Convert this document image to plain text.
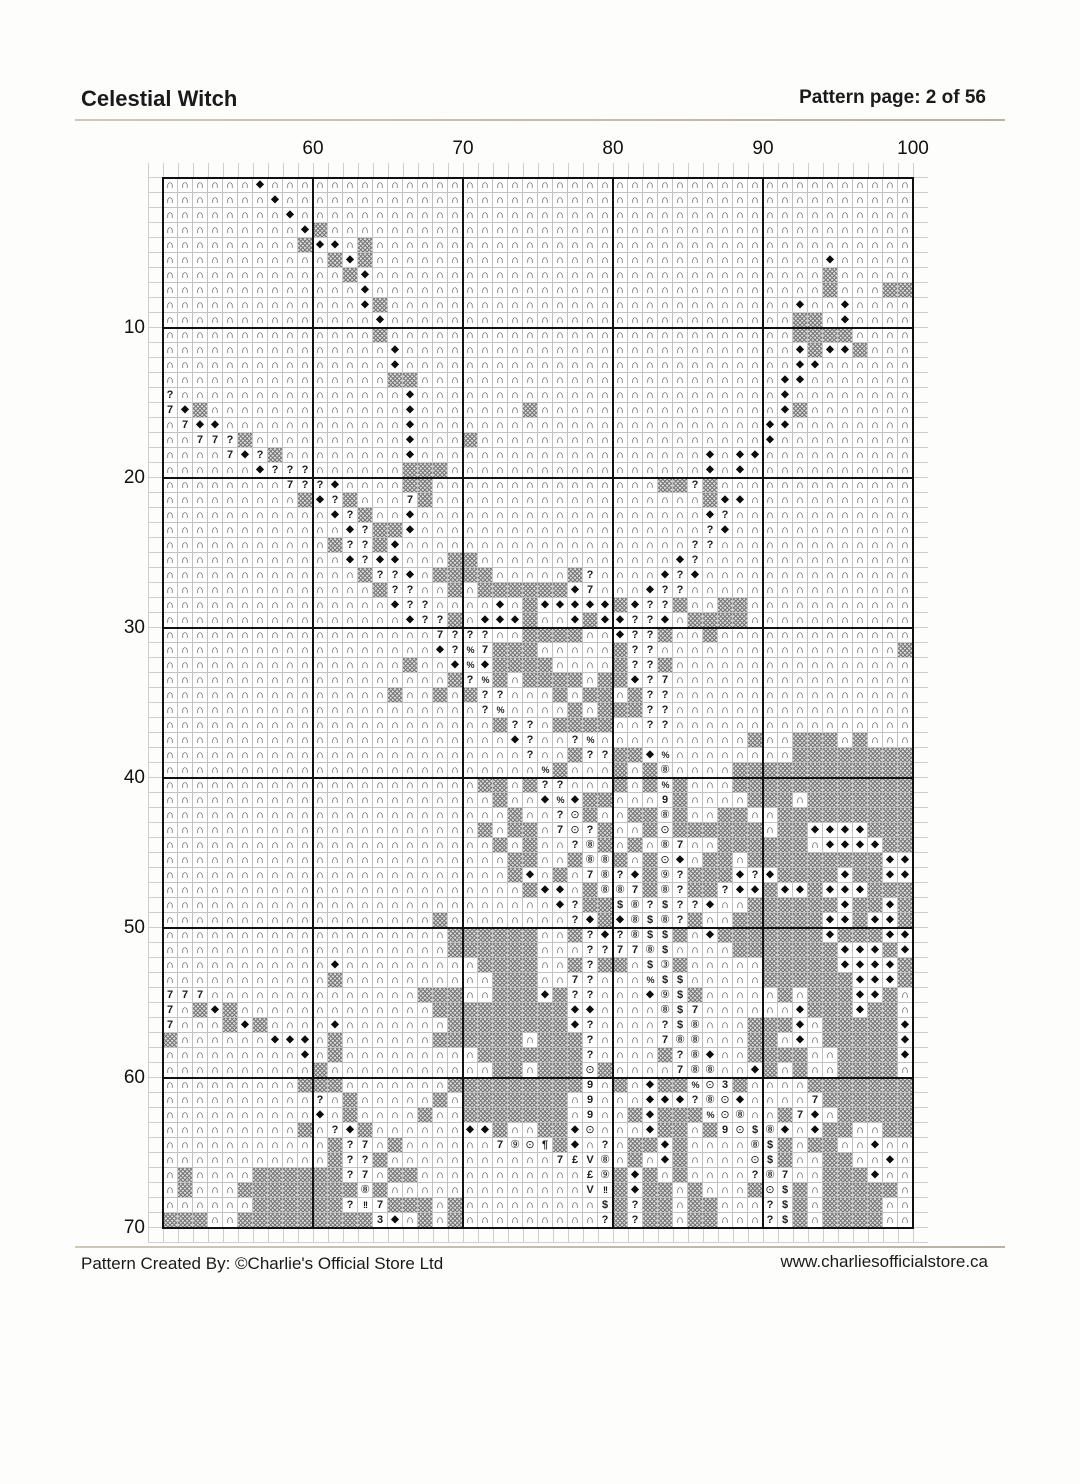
Celestial Witch	Pattern page: 2 of 56
60	70	80	90	100
10
20
30
40
50
60
70
∩ ∩ ∩ ∩ ∩ ∩ ◆ ∩ ∩ ∩ ∩ ∩ ∩ ∩ ∩ ∩ ∩ ∩ ∩ ∩ ∩ ∩ ∩ ∩ ∩ ∩ ∩ ∩ ∩ ∩ ∩ ∩ ∩ ∩ ∩ ∩ ∩ ∩ ∩ ∩ ∩ ∩ ∩ ∩ ∩ ∩ ∩ ∩ ∩ ∩
∩ ∩ ∩ ∩ ∩ ∩ ∩ ◆ ∩ ∩ ∩ ∩ ∩ ∩ ∩ ∩ ∩ ∩ ∩ ∩ ∩ ∩ ∩ ∩ ∩ ∩ ∩ ∩ ∩ ∩ ∩ ∩ ∩ ∩ ∩ ∩ ∩ ∩ ∩ ∩ ∩ ∩ ∩ ∩ ∩ ∩ ∩ ∩ ∩ ∩
∩ ∩ ∩ ∩ ∩ ∩ ∩ ∩ ◆ ∩ ∩ ∩ ∩ ∩ ∩ ∩ ∩ ∩ ∩ ∩ ∩ ∩ ∩ ∩ ∩ ∩ ∩ ∩ ∩ ∩ ∩ ∩ ∩ ∩ ∩ ∩ ∩ ∩ ∩ ∩ ∩ ∩ ∩ ∩ ∩ ∩ ∩ ∩ ∩ ∩
∩ ∩ ∩ ∩ ∩ ∩ ∩ ∩ ∩ ◆	∩ ∩ ∩ ∩ ∩ ∩ ∩ ∩ ∩ ∩ ∩ ∩ ∩ ∩ ∩ ∩ ∩ ∩ ∩ ∩ ∩ ∩ ∩ ∩ ∩ ∩ ∩ ∩ ∩ ∩ ∩ ∩ ∩ ∩ ∩ ∩ ∩ ∩ ∩
∩ ∩ ∩ ∩ ∩ ∩ ∩ ∩ ∩	◆ ◆ ∩	∩ ∩ ∩ ∩ ∩ ∩ ∩ ∩ ∩ ∩ ∩ ∩ ∩ ∩ ∩ ∩ ∩ ∩ ∩ ∩ ∩ ∩ ∩ ∩ ∩ ∩ ∩ ∩ ∩ ∩ ∩ ∩ ∩ ∩ ∩ ∩
∩ ∩ ∩ ∩ ∩ ∩ ∩ ∩ ∩ ∩ ∩	◆	∩ ∩ ∩ ∩ ∩ ∩ ∩ ∩ ∩ ∩ ∩ ∩ ∩ ∩ ∩ ∩ ∩ ∩ ∩ ∩ ∩ ∩ ∩ ∩ ∩ ∩ ∩ ∩ ∩ ∩ ◆ ∩ ∩ ∩ ∩ ∩
∩ ∩ ∩ ∩ ∩ ∩ ∩ ∩ ∩ ∩ ∩ ∩	◆ ∩ ∩ ∩ ∩ ∩ ∩ ∩ ∩ ∩ ∩ ∩ ∩ ∩ ∩ ∩ ∩ ∩ ∩ ∩ ∩ ∩ ∩ ∩ ∩ ∩ ∩ ∩ ∩ ∩ ∩	∩ ∩ ∩ ∩ ∩
∩ ∩ ∩ ∩ ∩ ∩ ∩ ∩ ∩ ∩ ∩ ∩ ∩ ◆ ∩ ∩ ∩ ∩ ∩ ∩ ∩ ∩ ∩ ∩ ∩ ∩ ∩ ∩ ∩ ∩ ∩ ∩ ∩ ∩ ∩ ∩ ∩ ∩ ∩ ∩ ∩ ∩ ∩ ∩	∩ ∩ ∩
∩ ∩ ∩ ∩ ∩ ∩ ∩ ∩ ∩ ∩ ∩ ∩ ∩ ◆	∩ ∩ ∩ ∩ ∩ ∩ ∩ ∩ ∩ ∩ ∩ ∩ ∩ ∩ ∩ ∩ ∩ ∩ ∩ ∩ ∩ ∩ ∩ ∩ ∩ ∩ ∩ ◆ ∩ ∩ ◆ ∩ ∩ ∩ ∩
∩ ∩ ∩ ∩ ∩ ∩ ∩ ∩ ∩ ∩ ∩ ∩ ∩ ∩ ◆ ∩ ∩ ∩ ∩ ∩ ∩ ∩ ∩ ∩ ∩ ∩ ∩ ∩ ∩ ∩ ∩ ∩ ∩ ∩ ∩ ∩ ∩ ∩ ∩ ∩ ∩ ∩	∩ ◆ ∩ ∩ ∩ ∩
∩ ∩ ∩ ∩ ∩ ∩ ∩ ∩ ∩ ∩ ∩ ∩ ∩ ∩	∩ ∩ ∩ ∩ ∩ ∩ ∩ ∩ ∩ ∩ ∩ ∩ ∩ ∩ ∩ ∩ ∩ ∩ ∩ ∩ ∩ ∩ ∩ ∩ ∩ ∩ ∩	∩ ∩ ∩ ∩
∩ ∩ ∩ ∩ ∩ ∩ ∩ ∩ ∩ ∩ ∩ ∩ ∩ ∩ ∩ ◆ ∩ ∩ ∩ ∩ ∩ ∩ ∩ ∩ ∩ ∩ ∩ ∩ ∩ ∩ ∩ ∩ ∩ ∩ ∩ ∩ ∩ ∩ ∩ ∩ ∩ ∩ ◆	◆ ◆	∩ ∩ ∩
∩ ∩ ∩ ∩ ∩ ∩ ∩ ∩ ∩ ∩ ∩ ∩ ∩ ∩ ∩ ◆ ∩ ∩ ∩ ∩ ∩ ∩ ∩ ∩ ∩ ∩ ∩ ∩ ∩ ∩ ∩ ∩ ∩ ∩ ∩ ∩ ∩ ∩ ∩ ∩ ∩ ∩ ◆ ◆ ∩ ∩ ∩ ∩ ∩ ∩
∩ ∩ ∩ ∩ ∩ ∩ ∩ ∩ ∩ ∩ ∩ ∩ ∩ ∩ ∩	∩ ∩ ∩ ∩ ∩ ∩ ∩ ∩ ∩ ∩ ∩ ∩ ∩ ∩ ∩ ∩ ∩ ∩ ∩ ∩ ∩ ∩ ∩ ∩ ◆ ◆ ∩ ∩ ∩ ∩ ∩ ∩ ∩
? ∩ ∩ ∩ ∩ ∩ ∩ ∩ ∩ ∩ ∩ ∩ ∩ ∩ ∩ ∩ ◆ ∩ ∩ ∩ ∩ ∩ ∩ ∩ ∩ ∩ ∩ ∩ ∩ ∩ ∩ ∩ ∩ ∩ ∩ ∩ ∩ ∩ ∩ ∩ ∩ ◆ ∩ ∩ ∩ ∩ ∩ ∩ ∩ ∩
7 ◆	∩ ∩ ∩ ∩ ∩ ∩ ∩ ∩ ∩ ∩ ∩ ∩ ∩ ◆ ∩ ∩ ∩ ∩ ∩ ∩ ∩	∩ ∩ ∩ ∩ ∩ ∩ ∩ ∩ ∩ ∩ ∩ ∩ ∩ ∩ ∩ ∩ ◆	∩ ∩ ∩ ∩ ∩ ∩ ∩
∩ 7 ◆ ◆ ∩ ∩ ∩ ∩ ∩ ∩ ∩ ∩ ∩ ∩ ∩ ∩ ◆ ∩ ∩ ∩ ∩ ∩ ∩ ∩ ∩ ∩ ∩ ∩ ∩ ∩ ∩ ∩ ∩ ∩ ∩ ∩ ∩ ∩ ∩ ∩ ◆ ◆ ∩ ∩ ∩ ∩ ∩ ∩ ∩ ∩
∩ ∩ 7 7 ?	∩ ∩ ∩ ∩ ∩ ∩ ∩ ∩ ∩ ∩ ◆ ∩ ∩ ∩	∩ ∩ ∩ ∩ ∩ ∩ ∩ ∩ ∩ ∩ ∩ ∩ ∩ ∩ ∩ ∩ ∩ ∩ ∩ ◆ ∩ ∩ ∩ ∩ ∩ ∩ ∩ ∩ ∩
∩ ∩ ∩ ∩ 7 ◆ ?	∩ ∩ ∩ ∩ ∩ ∩ ∩ ∩ ◆ ∩ ∩ ∩ ∩ ∩ ∩ ∩ ∩ ∩ ∩ ∩ ∩ ∩ ∩ ∩ ∩ ∩ ∩ ∩ ◆ ∩ ◆ ◆ ∩ ∩ ∩ ∩ ∩ ∩ ∩ ∩ ∩ ∩
∩ ∩ ∩ ∩ ∩ ∩ ◆ ? ? ? ∩ ∩ ∩ ∩ ∩ ∩	∩ ∩ ∩ ∩ ∩ ∩ ∩ ∩ ∩ ∩ ∩ ∩ ∩ ∩ ∩ ∩ ∩ ◆ ∩ ◆ ∩ ∩ ∩ ∩ ∩ ∩ ∩ ∩ ∩ ∩ ∩
∩ ∩ ∩ ∩ ∩ ∩ ∩ ∩ 7 ? ? ◆ ∩ ∩ ∩ ∩	∩ ∩ ∩ ∩ ∩ ∩ ∩ ∩ ∩ ∩ ∩ ∩ ∩ ∩ ∩	?	∩ ∩ ∩ ∩ ∩ ∩ ∩ ∩ ∩ ∩ ∩ ∩ ∩
∩ ∩ ∩ ∩ ∩ ∩ ∩ ∩ ∩	◆ ?	∩ ∩ ∩ 7	∩ ∩ ∩ ∩ ∩ ∩ ∩ ∩ ∩ ∩ ∩ ∩ ∩ ∩ ∩ ∩ ∩ ∩	◆ ◆ ∩ ∩ ∩ ∩ ∩ ∩ ∩ ∩ ∩ ∩ ∩
∩ ∩ ∩ ∩ ∩ ∩ ∩ ∩ ∩ ∩ ∩ ◆ ?	∩ ∩ ◆ ∩ ∩ ∩ ∩ ∩ ∩ ∩ ∩ ∩ ∩ ∩ ∩ ∩ ∩ ∩ ∩ ∩ ∩ ∩ ◆ ? ∩ ∩ ∩ ∩ ∩ ∩ ∩ ∩ ∩ ∩ ∩ ∩
∩ ∩ ∩ ∩ ∩ ∩ ∩ ∩ ∩ ∩ ∩ ∩ ◆ ?	◆ ∩ ∩ ∩ ∩ ∩ ∩ ∩ ∩ ∩ ∩ ∩ ∩ ∩ ∩ ∩ ∩ ∩ ∩ ∩ ? ◆ ∩ ∩ ∩ ∩ ∩ ∩ ∩ ∩ ∩ ∩ ∩ ∩
∩ ∩ ∩ ∩ ∩ ∩ ∩ ∩ ∩ ∩ ∩	? ?	◆ ∩ ∩ ∩ ∩ ∩ ∩ ∩ ∩ ∩ ∩ ∩ ∩ ∩ ∩ ∩ ∩ ∩ ∩ ∩ ? ? ∩ ∩ ∩ ∩ ∩ ∩ ∩ ∩ ∩ ∩ ∩ ∩ ∩
∩ ∩ ∩ ∩ ∩ ∩ ∩ ∩ ∩ ∩ ∩ ∩ ◆ ? ◆ ◆ ∩ ∩ ∩	∩ ∩ ∩ ∩ ∩ ∩ ∩ ∩ ∩ ∩ ∩ ∩ ∩ ◆ ? ∩ ∩ ∩ ∩ ∩ ∩ ∩ ∩ ∩ ∩ ∩ ∩ ∩ ∩
∩ ∩ ∩ ∩ ∩ ∩ ∩ ∩ ∩ ∩ ∩ ∩ ∩	? ? ◆ ∩	∩ ∩ ∩ ∩ ∩	? ∩ ∩ ∩ ∩ ◆ ? ◆ ∩ ∩ ∩ ∩ ∩ ∩ ∩ ∩ ∩ ∩ ∩ ∩ ∩ ∩
∩ ∩ ∩ ∩ ∩ ∩ ∩ ∩ ∩ ∩ ∩ ∩ ∩ ∩	? ? ∩ ∩	∩	◆ 7 ∩ ∩ ∩ ◆ ? ? ∩ ∩ ∩ ∩ ∩ ∩ ∩ ∩ ∩ ∩ ∩ ∩ ∩ ∩ ∩
∩ ∩ ∩ ∩ ∩ ∩ ∩ ∩ ∩ ∩ ∩ ∩ ∩ ∩ ∩ ◆ ? ? ∩ ∩ ∩ ∩ ◆ ∩	◆ ◆ ◆ ◆ ◆	◆ ? ?	∩ ∩	∩ ∩ ∩ ∩ ∩ ∩ ∩ ∩ ∩ ∩ ∩
∩ ∩ ∩ ∩ ∩ ∩ ∩ ∩ ∩ ∩ ∩ ∩ ∩ ∩ ∩ ∩ ◆ ? ?	∩ ◆ ◆ ◆	∩ ∩ ◆	◆ ◆ ? ? ◆ ∩	∩ ∩ ∩ ∩ ∩ ∩ ∩ ∩ ∩ ∩ ∩
∩ ∩ ∩ ∩ ∩ ∩ ∩ ∩ ∩ ∩ ∩ ∩ ∩ ∩ ∩ ∩ ∩ ∩ 7 ? ? ? ∩ ∩	∩ ∩ ◆ ? ?	∩ ∩	∩ ∩ ∩ ∩ ∩ ∩ ∩ ∩ ∩ ∩ ∩ ∩ ∩
∩ ∩ ∩ ∩ ∩ ∩ ∩ ∩ ∩ ∩ ∩ ∩ ∩ ∩ ∩ ∩ ∩ ∩ ◆ ? % 7	∩ ∩ ∩ ∩ ∩	? ? ∩ ∩ ∩ ∩ ∩ ∩ ∩ ∩ ∩ ∩ ∩ ∩ ∩ ∩ ∩ ∩
∩ ∩ ∩ ∩ ∩ ∩ ∩ ∩ ∩ ∩ ∩ ∩ ∩ ∩ ∩ ∩	∩ ∩ ◆ % ◆	∩ ∩ ∩ ∩	? ?	∩ ∩ ∩ ∩ ∩ ∩ ∩ ∩ ∩ ∩ ∩ ∩ ∩ ∩ ∩ ∩
∩ ∩ ∩ ∩ ∩ ∩ ∩ ∩ ∩ ∩ ∩ ∩ ∩ ∩ ∩ ∩ ∩ ∩ ∩	? %	∩	∩	◆ ? 7 ∩ ∩ ∩ ∩ ∩ ∩ ∩ ∩ ∩ ∩ ∩ ∩ ∩ ∩ ∩ ∩
∩ ∩ ∩ ∩ ∩ ∩ ∩ ∩ ∩ ∩ ∩ ∩ ∩ ∩ ∩	∩ ∩	∩	? ? ∩ ∩ ∩	∩	∩	? ? ∩ ∩ ∩ ∩ ∩ ∩ ∩ ∩ ∩ ∩ ∩ ∩ ∩ ∩ ∩ ∩
∩ ∩ ∩ ∩ ∩ ∩ ∩ ∩ ∩ ∩ ∩ ∩ ∩ ∩ ∩ ∩ ∩ ∩ ∩ ∩ ∩ ? % ∩ ∩ ∩ ∩	∩	? ? ∩ ∩ ∩ ∩ ∩ ∩ ∩ ∩ ∩ ∩ ∩ ∩ ∩ ∩ ∩ ∩
∩ ∩ ∩ ∩ ∩ ∩ ∩ ∩ ∩ ∩ ∩ ∩ ∩ ∩ ∩ ∩ ∩ ∩ ∩ ∩ ∩ ∩	? ? ∩	∩ ∩ ? ? ∩ ∩ ∩ ∩ ∩ ∩ ∩ ∩ ∩ ∩ ∩ ∩ ∩ ∩ ∩ ∩
∩ ∩ ∩ ∩ ∩ ∩ ∩ ∩ ∩ ∩ ∩ ∩ ∩ ∩ ∩ ∩ ∩ ∩ ∩ ∩ ∩ ∩ ∩ ◆ ? ∩ ∩ ? % ∩ ∩ ∩ ∩ ∩ ∩ ∩ ∩ ∩ ∩	∩ ∩	∩	∩ ∩ ∩
∩ ∩ ∩ ∩ ∩ ∩ ∩ ∩ ∩ ∩ ∩ ∩ ∩ ∩ ∩ ∩ ∩ ∩ ∩ ∩ ∩ ∩ ∩ ∩ ? ∩ ∩	? ?	◆ % ∩ ∩ ∩ ∩ ∩ ∩ ∩ ∩
∩ ∩ ∩ ∩ ∩ ∩ ∩ ∩ ∩ ∩ ∩ ∩ ∩ ∩ ∩ ∩ ∩ ∩ ∩ ∩ ∩ ∩ ∩ ∩ ∩ %	∩ ∩ ∩	∩	⑧ ∩ ∩ ∩ ∩
∩ ∩ ∩ ∩ ∩ ∩ ∩ ∩ ∩ ∩ ∩ ∩ ∩ ∩ ∩ ∩ ∩ ∩ ∩ ∩ ∩	∩	? ? ∩ ∩ ∩	∩	%	∩ ∩ ∩
∩ ∩ ∩ ∩ ∩ ∩ ∩ ∩ ∩ ∩ ∩ ∩ ∩ ∩ ∩ ∩ ∩ ∩ ∩ ∩ ∩ ∩	∩ ∩ ◆ % ◆	∩ ∩ ∩ 9	∩ ∩ ∩ ∩	∩
∩ ∩ ∩ ∩ ∩ ∩ ∩ ∩ ∩ ∩ ∩ ∩ ∩ ∩ ∩ ∩ ∩ ∩ ∩ ∩ ∩ ∩ ∩	∩ ∩ ? ⊙	∩ ∩	⑧ ∩ ∩	∩ ∩
∩ ∩ ∩ ∩ ∩ ∩ ∩ ∩ ∩ ∩ ∩ ∩ ∩ ∩ ∩ ∩ ∩ ∩ ∩ ∩ ∩	∩	∩ 7 ⊙ ?	∩ ∩	⊙	∩	◆ ◆ ◆ ◆
∩ ∩ ∩ ∩ ∩ ∩ ∩ ∩ ∩ ∩ ∩ ∩ ∩ ∩ ∩ ∩ ∩ ∩ ∩ ∩ ∩ ∩	∩	∩ ∩ ? ⑧ ∩	∩ ⑧ 7 ∩ ∩	∩ ◆ ◆ ◆ ◆
∩ ∩ ∩ ∩ ∩ ∩ ∩ ∩ ∩ ∩ ∩ ∩ ∩ ∩ ∩ ∩ ∩ ∩ ∩ ∩ ∩ ∩ ∩	∩ ∩	⑧ ⑧ ∩	⊙ ◆ ∩	∩	◆ ◆
∩ ∩ ∩ ∩ ∩ ∩ ∩ ∩ ∩ ∩ ∩ ∩ ∩ ∩ ∩ ∩ ∩ ∩ ∩ ∩ ∩ ∩ ∩	◆ ∩	∩ 7 ⑧ ? ◆	⑨ ?	◆ ? ◆	◆	◆ ◆
∩ ∩ ∩ ∩ ∩ ∩ ∩ ∩ ∩ ∩ ∩ ∩ ∩ ∩ ∩ ∩ ∩ ∩ ∩ ∩ ∩ ∩ ∩ ∩	◆ ◆ ∩	⑧ ⑧ 7	⑧ ?	? ◆ ◆	◆ ◆	◆ ◆ ◆
∩ ∩ ∩ ∩ ∩ ∩ ∩ ∩ ∩ ∩ ∩ ∩ ∩ ∩ ∩ ∩ ∩ ∩ ∩ ∩ ∩ ∩ ∩ ∩ ∩ ∩ ◆ ?	$ ⑧ ? $ ? ? ◆ ∩ ∩	◆	◆
∩ ∩ ∩ ∩ ∩ ∩ ∩ ∩ ∩ ∩ ∩ ∩ ∩ ∩ ∩ ∩ ∩ ∩	∩ ∩ ∩ ∩ ∩ ∩ ∩ ∩ ? ◆	◆ ⑧ $ ⑧ ?	∩ ∩	◆ ◆	◆ ◆
∩ ∩ ∩ ∩ ∩ ∩ ∩ ∩ ∩ ∩ ∩ ∩ ∩ ∩ ∩ ∩ ∩ ∩ ∩	∩ ∩	? ◆ ? ⑧ $ $	∩ ◆	◆	◆ ◆
∩ ∩ ∩ ∩ ∩ ∩ ∩ ∩ ∩ ∩ ∩ ∩ ∩ ∩ ∩ ∩ ∩ ∩ ∩	∩ ∩ ∩ ? ? 7 7 ⑧ $ ∩ ∩ ∩ ∩	◆ ◆ ◆	◆
∩ ∩ ∩ ∩ ∩ ∩ ∩ ∩ ∩ ∩ ∩ ◆ ∩ ∩ ∩ ∩ ∩ ∩ ∩ ∩ ∩	∩ ∩	?	∩ $ ③ ∩ ∩ ∩ ∩ ∩	◆ ◆ ◆ ◆
∩ ∩ ∩ ∩ ∩ ∩ ∩ ∩ ∩ ∩ ∩	∩ ∩ ∩ ∩ ∩ ∩ ∩ ∩ ∩ ∩	∩ ∩ 7 ? ∩ ∩ ∩ % $ $ ∩ ∩ ∩ ∩ ∩	◆ ◆ ◆
7 7 7 ∩ ∩ ∩ ∩ ∩ ∩ ∩ ∩ ∩ ∩ ∩ ∩ ∩ ∩	∩ ∩	◆	? ? ∩ ∩ ∩ ◆ ⑨ $	∩ ∩ ∩ ∩ ∩	∩	◆ ◆	∩
7 ∩	◆	∩ ∩ ∩ ∩ ∩ ∩ ∩ ∩ ∩ ∩ ∩ ∩ ∩	◆ ◆ ∩ ∩ ∩ ∩ ⑧ $ 7 ∩ ∩ ∩ ∩ ∩ ∩ ◆	◆	∩
7 ∩ ∩ ∩	◆	∩ ∩ ∩ ∩ ◆ ∩ ∩ ∩ ∩ ∩ ∩ ∩	◆ ? ∩ ∩ ∩ ∩ ? $ ⑧ ∩ ∩ ∩	◆ ∩	◆
∩ ∩ ∩ ∩ ∩ ∩ ◆ ◆ ◆ ∩	∩ ∩ ∩ ∩ ∩ ∩	∩	? ∩ ∩ ∩ ∩ 7 ⑧ ⑧ ∩ ∩ ∩	∩ ◆ ∩	◆
∩ ∩ ∩ ∩ ∩ ∩ ∩ ∩ ∩ ◆ ∩	∩ ∩ ∩ ∩ ∩ ∩ ∩ ∩ ∩	? ∩ ∩ ∩ ∩	? ⑧ ◆ ∩ ∩	∩ ∩	◆
∩ ∩ ∩ ∩ ∩ ∩ ∩ ∩ ∩ ∩	∩ ∩ ∩ ∩ ∩ ∩ ∩ ∩ ∩ ∩ ∩	∩	⊙	∩ ∩ ∩ ∩ 7 ⑧ ⑧ ∩ ∩ ◆	∩	∩ ∩	∩
∩ ∩ ∩ ∩ ∩ ∩ ∩ ∩ ∩	∩ ∩ ∩ ∩ ∩ ∩ ∩	9 ∩	∩ ◆	% ⊙ 3	∩ ∩ ∩ ∩
∩ ∩ ∩ ∩ ∩ ∩ ∩ ∩ ∩ ∩ ? ∩	∩ ∩ ∩ ∩ ∩	∩	∩ 9 ∩ ∩ ∩ ◆ ◆ ◆ ? ⑧ ⊙ ◆ ∩ ∩ ∩ ∩ 7
∩ ∩ ∩ ∩ ∩ ∩ ∩ ∩ ∩ ∩ ◆ ∩	∩ ∩ ∩ ∩	∩ ∩	∩ 9 ∩ ∩	◆	% ⊙ ⑧ ∩ ∩	7 ◆ ∩
∩ ∩ ∩ ∩ ∩ ∩ ∩ ∩ ∩	∩ ? ◆	∩ ∩ ∩ ∩ ∩ ∩ ◆ ◆	∩ ∩	◆ ⊙ ∩ ∩ ∩ ◆	∩	9 ⊙ $ ⑧ ◆ ∩ ◆	∩ ∩
∩ ∩ ∩ ∩ ∩ ∩ ∩ ∩ ∩ ∩ ∩	? 7 ∩	∩ ∩ ∩ ∩ ∩ ∩ 7 ⑨ ⊙ ¶	◆ ∩ ? ∩	◆	∩ ∩ ∩ ∩ ⑧ $	∩	∩ ∩ ◆ ∩ ∩
∩ ∩ ∩ ∩ ∩ ∩ ∩ ∩ ∩ ∩ ∩	? ?	∩ ∩ ∩ ∩ ∩ ∩ ∩ ∩ ∩ ∩ ∩ 7 £ V ⑧ ∩	∩ ◆	∩ ∩ ∩ ∩ ⊙ $	∩ ∩	∩ ∩ ◆ ∩
∩	∩ ∩ ∩ ∩	? 7 ∩	∩ ∩ ∩ ∩ ∩ ∩ ∩ ∩ ∩ ∩ ∩ £ ⑨	◆	∩	∩ ∩ ∩ ∩ ? ⑧ 7 ∩ ∩	◆ ∩ ∩
∩	∩ ∩ ∩	⑧ ∩ ∩ ∩ ∩ ∩ ∩ ∩ ∩ ∩ ∩ ∩ ∩ ∩ V	!!	◆	∩	∩ ∩ ∩	⊙ $	∩	∩
∩ ∩ ∩ ∩ ∩ ∩	?	!! 7	∩	∩ ∩ ∩ ∩ ∩ ∩ ∩ ∩ ∩ $	?	∩	∩ ∩ ∩ ? $	∩	∩ ∩
∩ ∩	3 ◆ ∩	∩	∩ ∩ ∩ ∩ ∩ ∩ ∩ ∩ ∩ ?	?	∩	∩ ∩ ∩ ? $	∩	∩ ∩
Pattern Created By: ©Charlie's Official Store Ltd	www.charliesofficialstore.ca
